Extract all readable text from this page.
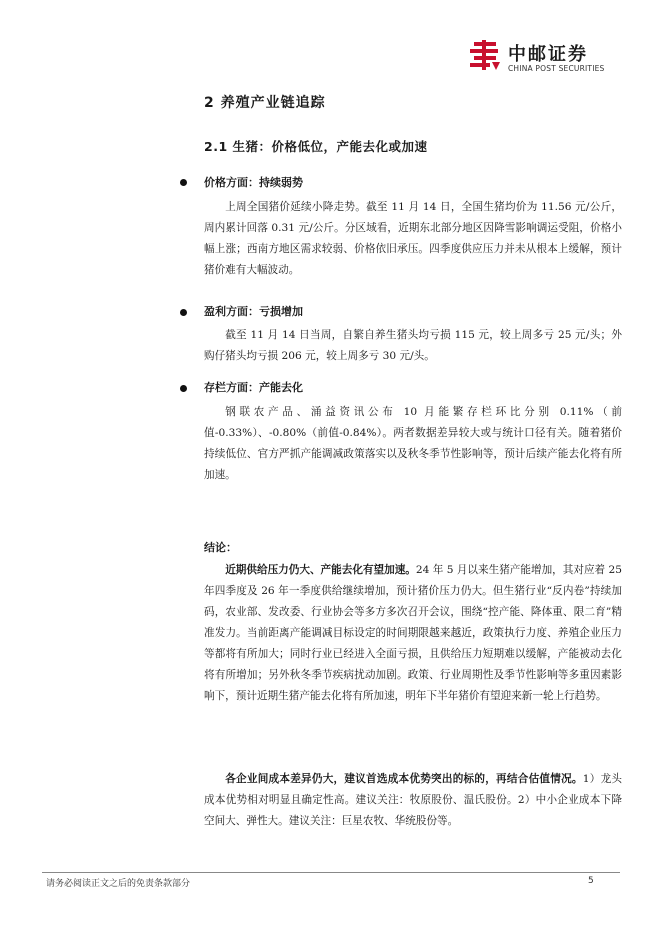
中邮证券
CHINA POST SECURITIES
2 养殖产业链追踪
2.1 生猪：价格低位，产能去化或加速
价格方面：持续弱势

上周全国猪价延续小降走势。截至 11 月 14 日，全国生猪均价为 11.56 元/公斤，周内累计回落 0.31 元/公斤。分区域看，近期东北部分地区因降雪影响调运受阻，价格小幅上涨；西南方地区需求较弱、价格依旧承压。四季度供应压力并未从根本上缓解，预计猪价难有大幅波动。

盈利方面：亏损增加

截至 11 月 14 日当周，自繁自养生猪头均亏损 115 元，较上周多亏 25 元/头；外购仔猪头均亏损 206 元，较上周多亏 30 元/头。

存栏方面：产能去化

钢联农产品、涌益资讯公布 10 月能繁存栏环比分别 0.11%（前值-0.33%）、-0.80%（前值-0.84%）。两者数据差异较大或与统计口径有关。随着猪价持续低位、官方严抓产能调减政策落实以及秋冬季节性影响等，预计后续产能去化将有所加速。

结论：

近期供给压力仍大、产能去化有望加速。24 年 5 月以来生猪产能增加，其对应着 25 年四季度及 26 年一季度供给继续增加，预计猪价压力仍大。但生猪行业“反内卷”持续加码，农业部、发改委、行业协会等多方多次召开会议，围绕“控产能、降体重、限二育”精准发力。当前距离产能调减目标设定的时间期限越来越近，政策执行力度、养殖企业压力等都将有所加大；同时行业已经进入全面亏损，且供给压力短期难以缓解，产能被动去化将有所增加；另外秋冬季节疾病扰动加剧。政策、行业周期性及季节性影响等多重因素影响下，预计近期生猪产能去化将有所加速，明年下半年猪价有望迎来新一轮上行趋势。

各企业间成本差异仍大，建议首选成本优势突出的标的，再结合估值情况。1）龙头成本优势相对明显且确定性高。建议关注：牧原股份、温氏股份。2）中小企业成本下降空间大、弹性大。建议关注：巨星农牧、华统股份等。

请务必阅读正文之后的免责条款部分	5
